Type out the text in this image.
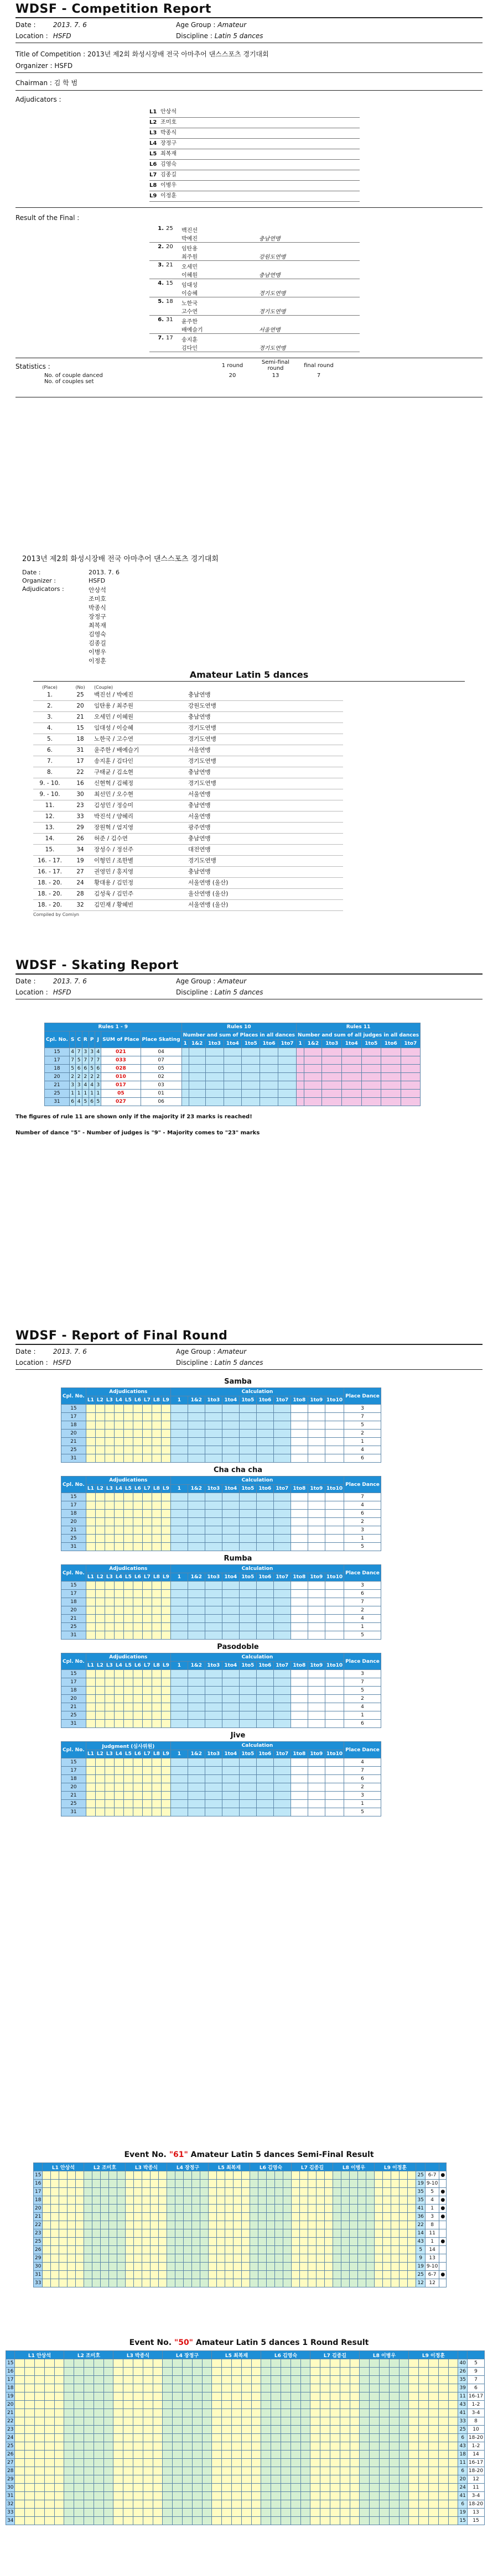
WDSF - Competition Report
Date :	2013. 7. 6	Age Group : Amateur
Location : HSFD	Discipline : Latin 5 dances
Title of Competition : 2013년 제2회 화성시장배 전국 아마추어 댄스스포츠 경기대회
Organizer : HSFD
Chairman : 김 학 범
Adjudicators :
L1 안상석
L2 조미호
L3 박종식
L4 장정구
L5 최복재
L6 김영숙
L7 김종길
L8 이병우
L9 이정훈
Result of the Final :
1. 25	백진선
박예진	충남연맹
2. 20	임탄용
최주원	강원도연맹
3. 21	오세민
이혜원	충남연맹
4. 15	임대성
이승혜	경기도연맹
5. 18	노한국
고수연	경기도연맹
6. 31	윤주한
배예슬기	서울연맹
7. 17	송지훈
김다인	경기도연맹
Statistics :
No. of couple danced
No. of couples set
1 round	Semi-final round	final round
20	13	7
2013년 제2회 화성시장배 전국 아마추어 댄스스포츠 경기대회
Date :	2013. 7. 6
Organizer :	HSFD
Adjudicators :	안상석
조미호
박종식
장정구
최복재
김영숙
김종길
이병우
이정훈
Amateur Latin 5 dances
(Place)	(No)	(Couple)
1.	25	백진선 / 박예진	충남연맹
2.	20	임탄용 / 최주원	강원도연맹
3.	21	오세민 / 이혜원	충남연맹
4.	15	임대성 / 이승혜	경기도연맹
5.	18	노한국 / 고수연	경기도연맹
6.	31	윤주한 / 배예슬기	서울연맹
7.	17	송지훈 / 김다인	경기도연맹
8.	22	구태균 / 김소현	충남연맹
9. - 10.	16	신현혁 / 김혜정	경기도연맹
9. - 10.	30	최선민 / 오수현	서울연맹
11.	23	김성민 / 정승미	충남연맹
12.	33	박진석 / 양혜리	서울연맹
13.	29	장원혁 / 엄지영	광주연맹
14.	26	허준 / 김수연	충남연맹
15.	34	장성수 / 정선주	대전연맹
16. - 17.	19	이형민 / 조한별	경기도연맹
16. - 17.	27	권영민 / 홍지영	충남연맹
18. - 20.	24	황대용 / 김민정	서울연맹 (울산)
18. - 20.	28	김성욱 / 김민주	울산연맹 (울산)
18. - 20.	32	김민재 / 황혜빈	서울연맹 (울산)
Compiled by Comiyn
WDSF - Skating Report
Date :	2013. 7. 6	Age Group : Amateur
Location : HSFD	Discipline : Latin 5 dances
Rules 1 - 9								Rules 10							Rules 11						
Cpl. No.	S	C	R	P	J	SUM of Place	Place Skating	Number and sum of Places in all dances							Number and sum of all judges in all dances						
								1	1&2	1to3	1to4	1to5	1to6	1to7	1	1&2	1to3	1to4	1to5	1to6	1to7
15	4	7	3	3	4	021	04														
17	7	5	7	7	7	033	07														
18	5	6	6	5	6	028	05														
20	2	2	2	2	2	010	02														
21	3	3	4	4	3	017	03														
25	1	1	1	1	1	05	01														
31	6	4	5	6	5	027	06														
The figures of rule 11 are shown only if the majority if 23 marks is reached!
Number of dance "5" - Number of judges is "9" - Majority comes to "23" marks
WDSF - Report of Final Round
Date :	2013. 7. 6	Age Group : Amateur
Location : HSFD	Discipline : Latin 5 dances
Samba
Cpl. No.	Adjudications									Calculation										Place Dance
	L1	L2	L3	L4	L5	L6	L7	L8	L9	1	1&2	1to3	1to4	1to5	1to6	1to7	1to8	1to9	1to10	
15																				3
17																				7
18																				5
20																				2
21																				1
25																				4
31																				6
Cha cha cha
Cpl. No.	Adjudications									Calculation										Place Dance
	L1	L2	L3	L4	L5	L6	L7	L8	L9	1	1&2	1to3	1to4	1to5	1to6	1to7	1to8	1to9	1to10	
15																				7
17																				4
18																				6
20																				2
21																				3
25																				1
31																				5
Rumba
Cpl. No.	Adjudications									Calculation										Place Dance
	L1	L2	L3	L4	L5	L6	L7	L8	L9	1	1&2	1to3	1to4	1to5	1to6	1to7	1to8	1to9	1to10	
15																				3
17																				6
18																				7
20																				2
21																				4
25																				1
31																				5
Pasodoble
Cpl. No.	Adjudications									Calculation										Place Dance
	L1	L2	L3	L4	L5	L6	L7	L8	L9	1	1&2	1to3	1to4	1to5	1to6	1to7	1to8	1to9	1to10	
15																				3
17																				7
18																				5
20																				2
21																				4
25																				1
31																				6
Jive
Cpl. No.	Judgment (심사위원)									Calculation										Place Dance
	L1	L2	L3	L4	L5	L6	L7	L8	L9	1	1&2	1to3	1to4	1to5	1to6	1to7	1to8	1to9	1to10	
15																				4
17																				7
18																				6
20																				2
21																				3
25																				1
31																				5
Event No. "61" Amateur Latin 5 dances Semi-Final Result
	L1 안상석					L2 조미호					L3 박종식					L4 장정구					L5 최복재					L6 김영숙					L7 김종길					L8 이병우					L9 이정훈							
15																																														25	6-7	●
16																																														19	9-10	
17																																														35	5	●
18																																														35	4	●
20																																														41	1	●
21																																														36	3	●
22																																														22	8	
23																																														14	11	
25																																														43	1	●
26																																														5	14	
29																																														9	13	
30																																														19	9-10	
31																																														25	6-7	●
33																																														12	12	
Event No. "50" Amateur Latin 5 dances 1 Round Result
	L1 안상석					L2 조미호					L3 박종식					L4 장정구					L5 최복재					L6 김영숙					L7 김종길					L8 이병우					L9 이정훈						
15																																														40	5
16																																														26	9
17																																														35	7
18																																														39	6
19																																														11	16-17
20																																														43	1-2
21																																														41	3-4
22																																														33	8
23																																														25	10
24																																														6	18-20
25																																														43	1-2
26																																														18	14
27																																														11	16-17
28																																														6	18-20
29																																														20	12
30																																														24	11
31																																														41	3-4
32																																														6	18-20
33																																														19	13
34																																														15	15
